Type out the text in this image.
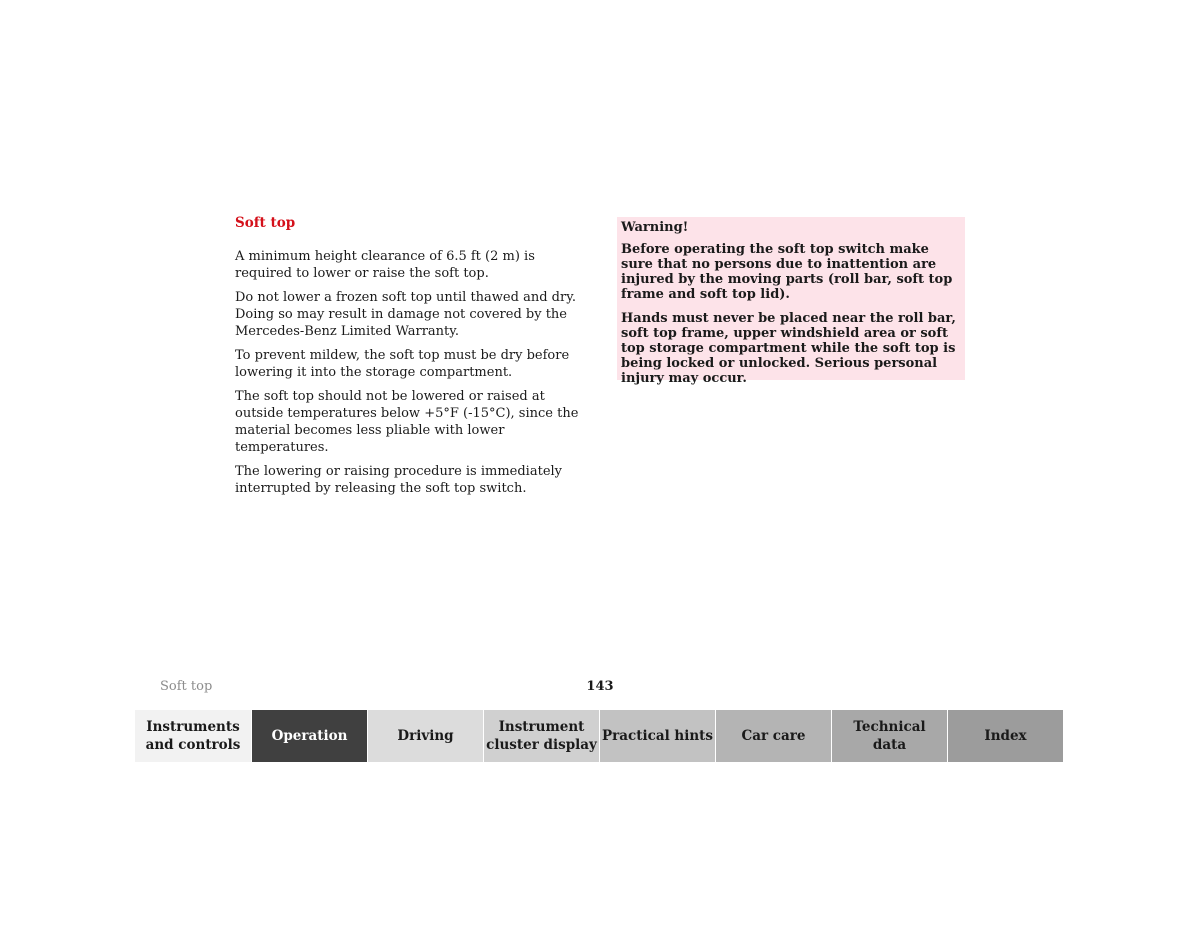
Soft top

A minimum height clearance of 6.5 ft (2 m) is required to lower or raise the soft top.

Do not lower a frozen soft top until thawed and dry. Doing so may result in damage not covered by the Mercedes-Benz Limited Warranty.

To prevent mildew, the soft top must be dry before lowering it into the storage compartment.

The soft top should not be lowered or raised at outside temperatures below +5°F (-15°C), since the material becomes less pliable with lower temperatures.

The lowering or raising procedure is immediately interrupted by releasing the soft top switch.

Warning!

Before operating the soft top switch make sure that no persons due to inattention are injured by the moving parts (roll bar, soft top frame and soft top lid).

Hands must never be placed near the roll bar, soft top frame, upper windshield area or soft top storage compartment while the soft top is being locked or unlocked. Serious personal injury may occur.

Soft top	143
Instruments
and controls
Operation	Driving
Instrument
cluster display
Practical hints	Car care
Technical
data
Index
